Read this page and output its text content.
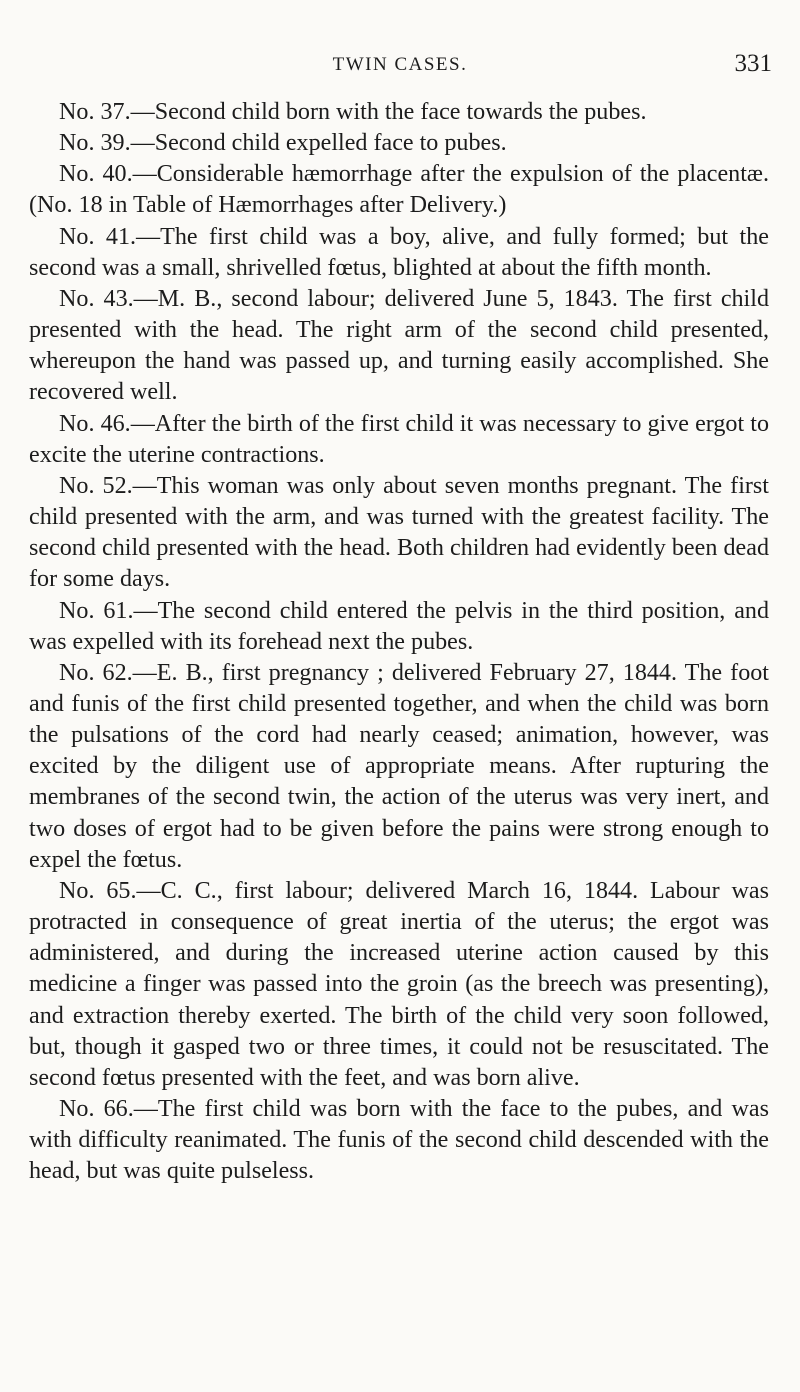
TWIN CASES.	331

No. 37.—Second child born with the face towards the pubes.

No. 39.—Second child expelled face to pubes.

No. 40.—Considerable hæmorrhage after the expulsion of the placentæ. (No. 18 in Table of Hæmorrhages after Delivery.)

No. 41.—The first child was a boy, alive, and fully formed; but the second was a small, shrivelled fœtus, blighted at about the fifth month.

No. 43.—M. B., second labour; delivered June 5, 1843. The first child presented with the head. The right arm of the second child presented, whereupon the hand was passed up, and turning easily accomplished. She recovered well.

No. 46.—After the birth of the first child it was necessary to give ergot to excite the uterine contractions.

No. 52.—This woman was only about seven months pregnant. The first child presented with the arm, and was turned with the greatest facility. The second child presented with the head. Both children had evidently been dead for some days.

No. 61.—The second child entered the pelvis in the third position, and was expelled with its forehead next the pubes.

No. 62.—E. B., first pregnancy ; delivered February 27, 1844. The foot and funis of the first child presented together, and when the child was born the pulsations of the cord had nearly ceased; animation, however, was excited by the diligent use of appropriate means. After rupturing the membranes of the second twin, the action of the uterus was very inert, and two doses of ergot had to be given before the pains were strong enough to expel the fœtus.

No. 65.—C. C., first labour; delivered March 16, 1844. Labour was protracted in consequence of great inertia of the uterus; the ergot was administered, and during the increased uterine action caused by this medicine a finger was passed into the groin (as the breech was presenting), and extraction thereby exerted. The birth of the child very soon followed, but, though it gasped two or three times, it could not be resuscitated. The second fœtus presented with the feet, and was born alive.

No. 66.—The first child was born with the face to the pubes, and was with difficulty reanimated. The funis of the second child descended with the head, but was quite pulseless.
